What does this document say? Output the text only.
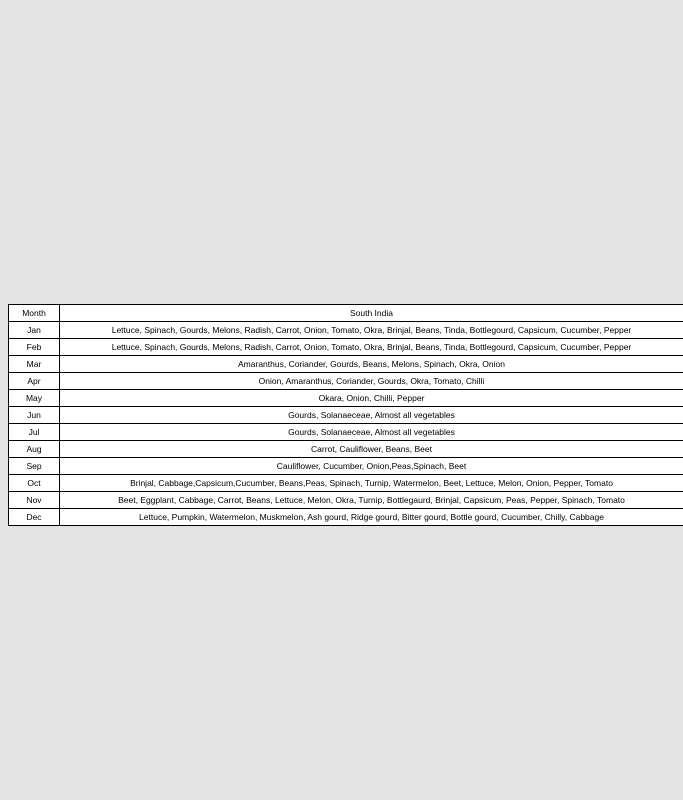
Month	South India
Jan	Lettuce, Spinach, Gourds, Melons, Radish, Carrot, Onion, Tomato, Okra, Brinjal, Beans, Tinda, Bottlegourd, Capsicum, Cucumber, Pepper
Feb	Lettuce, Spinach, Gourds, Melons, Radish, Carrot, Onion, Tomato, Okra, Brinjal, Beans, Tinda, Bottlegourd, Capsicum, Cucumber, Pepper
Mar	Amaranthus, Coriander, Gourds, Beans, Melons, Spinach, Okra, Onion
Apr	Onion, Amaranthus, Coriander, Gourds, Okra, Tomato, Chilli
May	Okara, Onion, Chilli, Pepper
Jun	Gourds, Solanaeceae, Almost all vegetables
Jul	Gourds, Solanaeceae, Almost all vegetables
Aug	Carrot, Cauliflower, Beans, Beet
Sep	Cauliflower, Cucumber, Onion,Peas,Spinach, Beet
Oct	Brinjal, Cabbage,Capsicum,Cucumber, Beans,Peas, Spinach, Turnip, Watermelon, Beet, Lettuce, Melon, Onion, Pepper, Tomato
Nov	Beet, Eggplant, Cabbage, Carrot, Beans, Lettuce, Melon, Okra, Turnip, Bottlegaurd, Brinjal, Capsicum, Peas, Pepper, Spinach, Tomato
Dec	Lettuce, Pumpkin, Watermelon, Muskmelon, Ash gourd, Ridge gourd, Bitter gourd, Bottle gourd, Cucumber, Chilly, Cabbage
